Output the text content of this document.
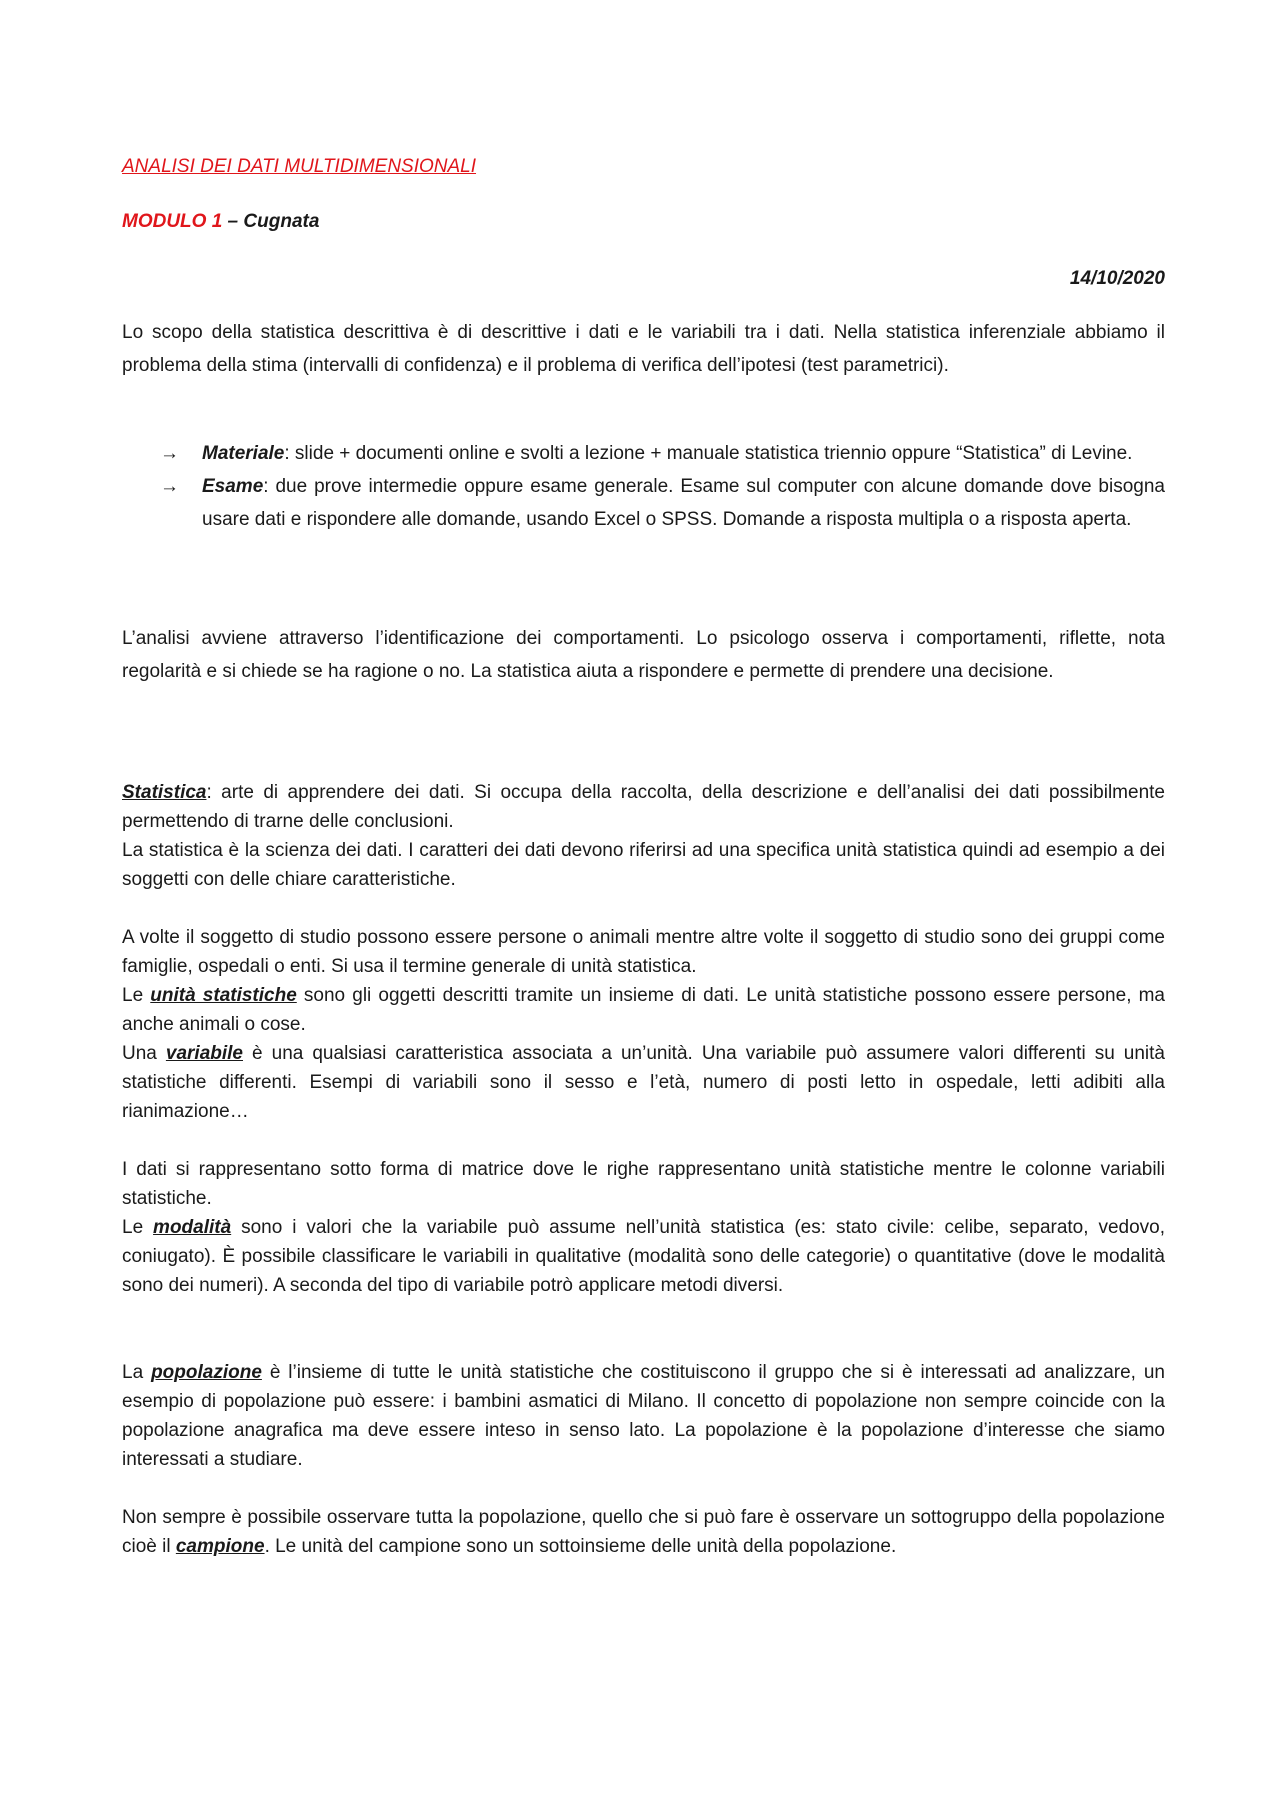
ANALISI DEI DATI MULTIDIMENSIONALI
MODULO 1 – Cugnata
14/10/2020

Lo scopo della statistica descrittiva è di descrittive i dati e le variabili tra i dati. Nella statistica inferenziale abbiamo il problema della stima (intervalli di confidenza) e il problema di verifica dell’ipotesi (test parametrici).

→ Materiale: slide + documenti online e svolti a lezione + manuale statistica triennio oppure “Statistica” di Levine.
→ Esame: due prove intermedie oppure esame generale. Esame sul computer con alcune domande dove bisogna usare dati e rispondere alle domande, usando Excel o SPSS. Domande a risposta multipla o a risposta aperta.

L’analisi avviene attraverso l’identificazione dei comportamenti. Lo psicologo osserva i comportamenti, riflette, nota regolarità e si chiede se ha ragione o no. La statistica aiuta a rispondere e permette di prendere una decisione.

Statistica: arte di apprendere dei dati. Si occupa della raccolta, della descrizione e dell’analisi dei dati possibilmente permettendo di trarne delle conclusioni.

La statistica è la scienza dei dati. I caratteri dei dati devono riferirsi ad una specifica unità statistica quindi ad esempio a dei soggetti con delle chiare caratteristiche.

A volte il soggetto di studio possono essere persone o animali mentre altre volte il soggetto di studio sono dei gruppi come famiglie, ospedali o enti. Si usa il termine generale di unità statistica.

Le unità statistiche sono gli oggetti descritti tramite un insieme di dati. Le unità statistiche possono essere persone, ma anche animali o cose.

Una variabile è una qualsiasi caratteristica associata a un’unità. Una variabile può assumere valori differenti su unità statistiche differenti. Esempi di variabili sono il sesso e l’età, numero di posti letto in ospedale, letti adibiti alla rianimazione…

I dati si rappresentano sotto forma di matrice dove le righe rappresentano unità statistiche mentre le colonne variabili statistiche.

Le modalità sono i valori che la variabile può assume nell’unità statistica (es: stato civile: celibe, separato, vedovo, coniugato). È possibile classificare le variabili in qualitative (modalità sono delle categorie) o quantitative (dove le modalità sono dei numeri). A seconda del tipo di variabile potrò applicare metodi diversi.

La popolazione è l’insieme di tutte le unità statistiche che costituiscono il gruppo che si è interessati ad analizzare, un esempio di popolazione può essere: i bambini asmatici di Milano. Il concetto di popolazione non sempre coincide con la popolazione anagrafica ma deve essere inteso in senso lato. La popolazione è la popolazione d’interesse che siamo interessati a studiare.

Non sempre è possibile osservare tutta la popolazione, quello che si può fare è osservare un sottogruppo della popolazione cioè il campione. Le unità del campione sono un sottoinsieme delle unità della popolazione.
